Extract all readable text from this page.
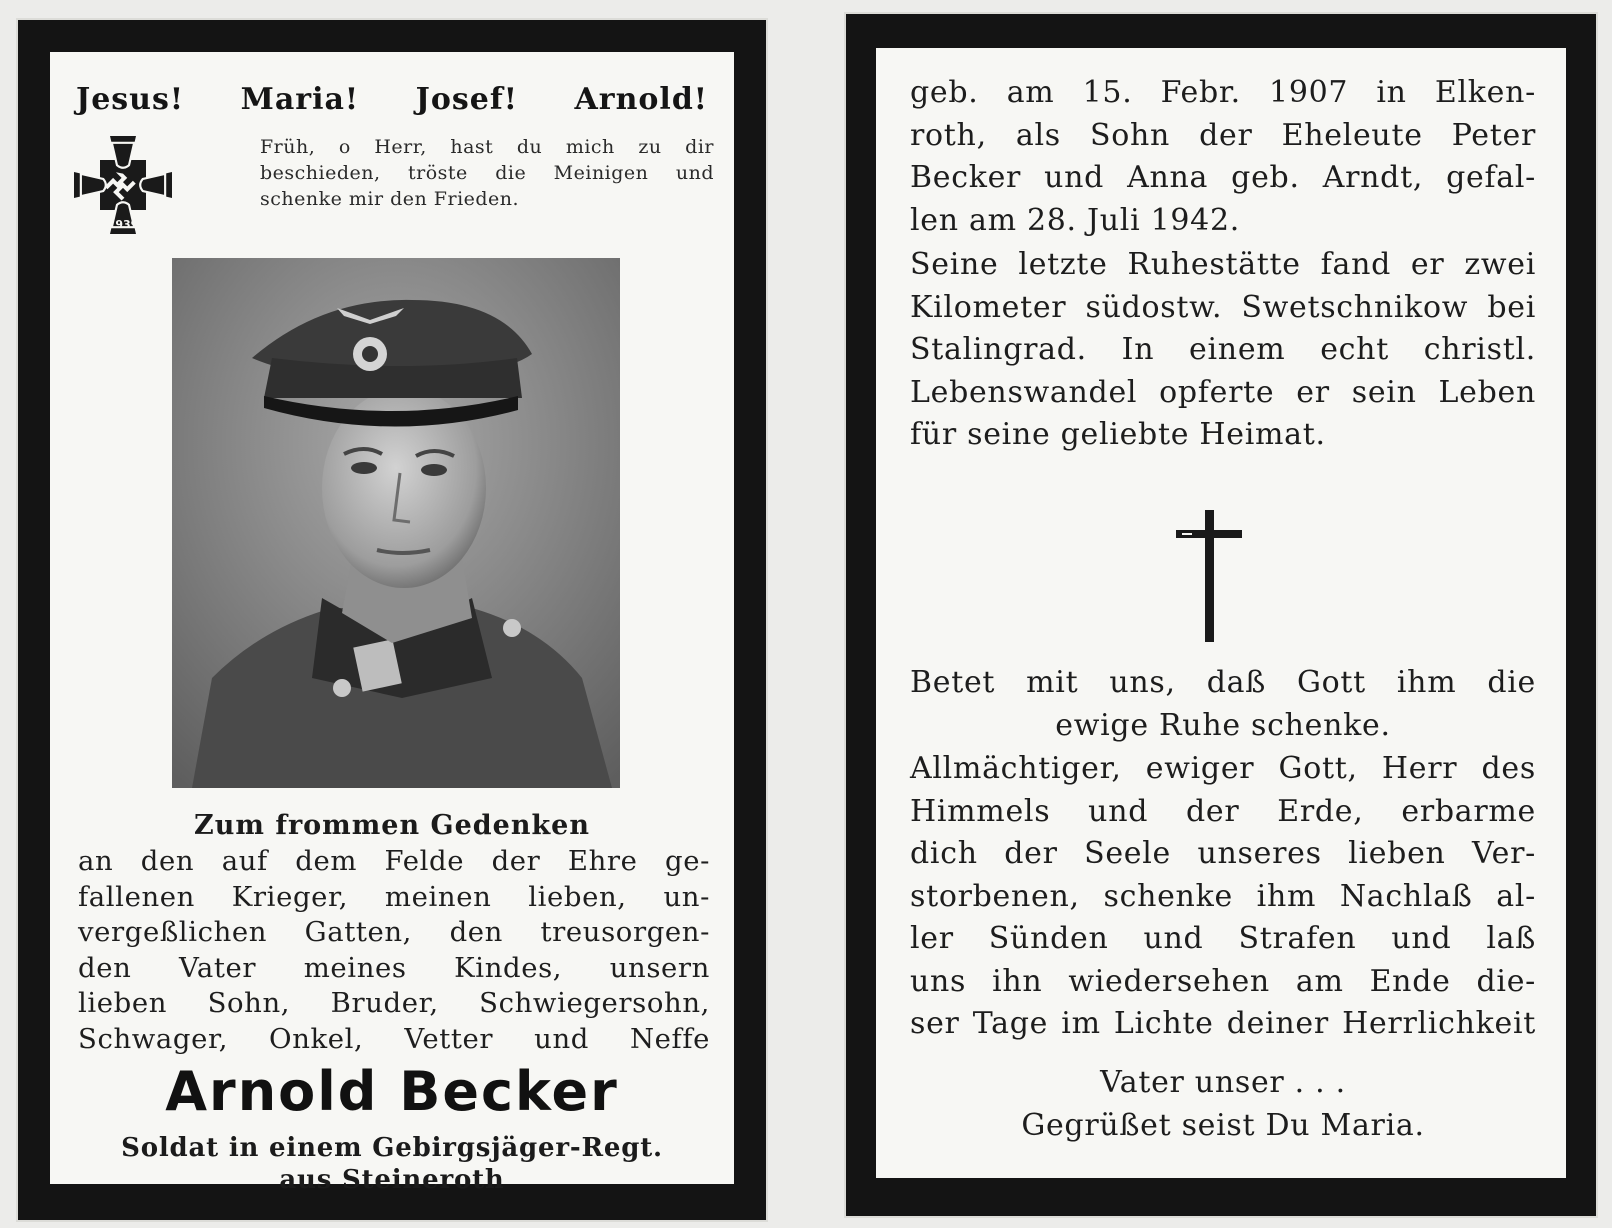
Jesus! Maria! Josef! Arnold!
1939
Früh, o Herr, hast du mich zu dir beschieden, tröste die Meinigen und schenke mir den Frieden.
Zum frommen Gedenken
an den auf dem Felde der Ehre ge-
fallenen Krieger, meinen lieben, un-
vergeßlichen Gatten, den treusorgen-
den Vater meines Kindes, unsern
lieben Sohn, Bruder, Schwiegersohn,
Schwager, Onkel, Vetter und Neffe
Arnold Becker
Soldat in einem Gebirgsjäger-Regt.
aus Steineroth
geb. am 15. Febr. 1907 in Elken-
roth, als Sohn der Eheleute Peter
Becker und Anna geb. Arndt, gefal-
len am 28. Juli 1942.
Seine letzte Ruhestätte fand er zwei
Kilometer südostw. Swetschnikow bei
Stalingrad. In einem echt christl.
Lebenswandel opferte er sein Leben
für seine geliebte Heimat.
Betet mit uns, daß Gott ihm die
ewige Ruhe schenke.
Allmächtiger, ewiger Gott, Herr des
Himmels und der Erde, erbarme
dich der Seele unseres lieben Ver-
storbenen, schenke ihm Nachlaß al-
ler Sünden und Strafen und laß
uns ihn wiedersehen am Ende die-
ser Tage im Lichte deiner Herrlichkeit
Vater unser . . .
Gegrüßet seist Du Maria.
